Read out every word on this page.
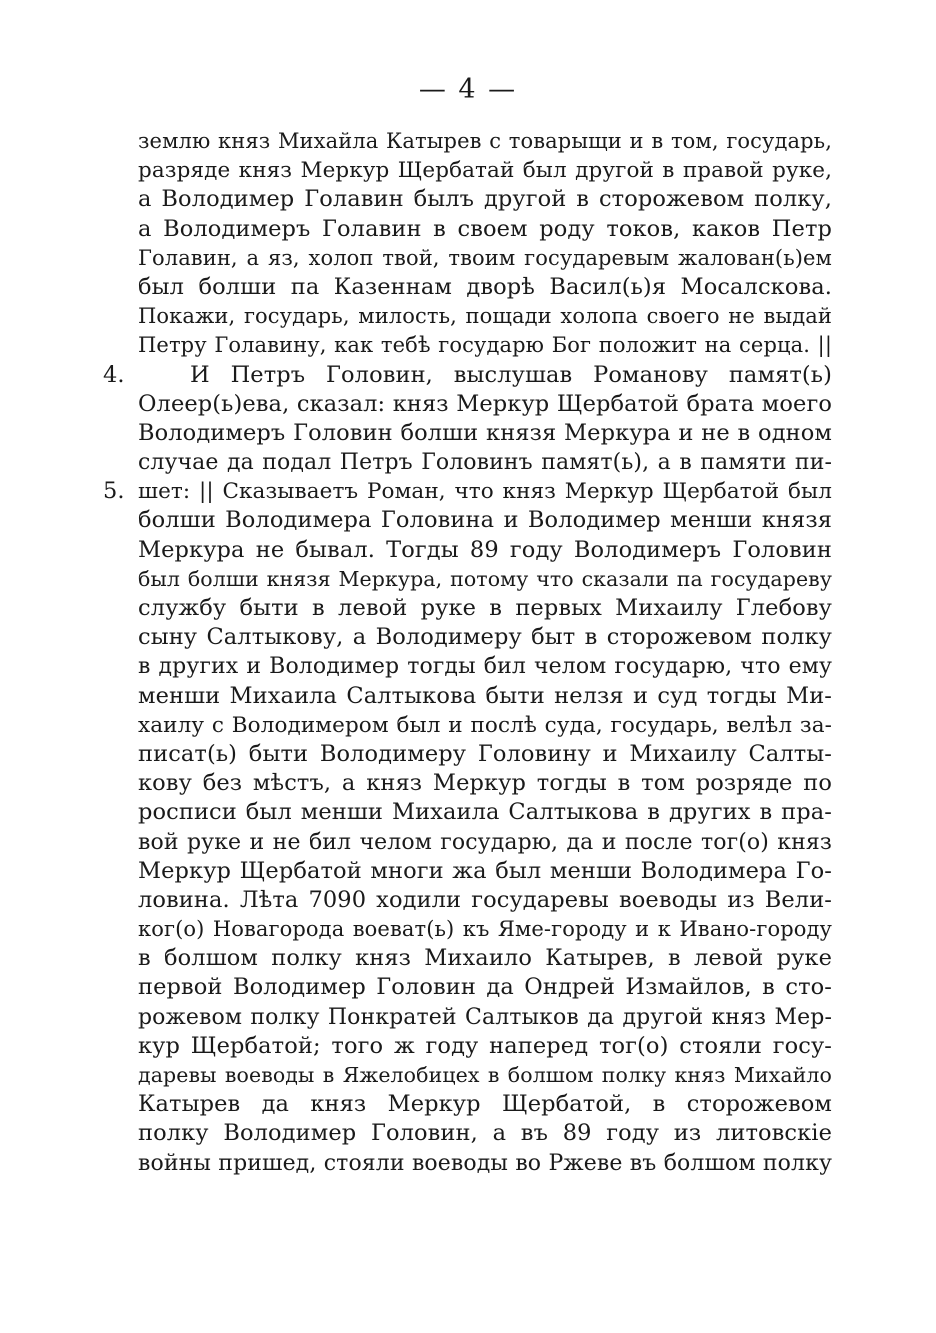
— 4 —
4.
5.
землю княз Михайла Катырев с товарыщи и в том, государь,
разряде княз Меркур Щербатай был другой в правой руке,
а Володимер Голавин былъ другой в сторожевом полку,
а Володимеръ Голавин в своем роду токов, каков Петр
Голавин, а яз, холоп твой, твоим государевым жалован(ь)ем
был болши па Казеннам дворѣ Васил(ь)я Мосалскова.
Покажи, государь, милость, пощади холопа своего не выдай
Петру Голавину, как тебѣ государю Бог положит на серца. ||
И Петръ Головин, выслушав Романову памят(ь)
Олеер(ь)ева, сказал: княз Меркур Щербатой брата моего
Володимеръ Головин болши князя Меркура и не в одном
случае да подал Петръ Головинъ памят(ь), а в памяти пи-
шет: || Сказываетъ Роман, что княз Меркур Щербатой был
болши Володимера Головина и Володимер менши князя
Меркура не бывал. Тогды 89 году Володимеръ Головин
был болши князя Меркура, потому что сказали па государеву
службу быти в левой руке в первых Михаилу Глебову
сыну Салтыкову, а Володимеру быт в сторожевом полку
в других и Володимер тогды бил челом государю, что ему
менши Михаила Салтыкова быти нелзя и суд тогды Ми-
хаилу с Володимером был и послѣ суда, государь, велѣл за-
писат(ь) быти Володимеру Головину и Михаилу Салты-
кову без мѣстъ, а княз Меркур тогды в том розряде по
росписи был менши Михаила Салтыкова в других в пра-
вой руке и не бил челом государю, да и после тог(о) княз
Меркур Щербатой многи жа был менши Володимера Го-
ловина. Лѣта 7090 ходили государевы воеводы из Вели-
ког(о) Новагорода воеват(ь) къ Яме-городу и к Иванo-городу
в болшом полку княз Михаило Катырев, в левой руке
первой Володимер Головин да Ондрей Измайлов, в сто-
рожевом полку Понкратей Салтыков да другой княз Мер-
кур Щербатой; того ж году наперед тог(о) стояли госу-
даревы воеводы в Яжелобицех в болшом полку княз Михайло
Катырев да княз Меркур Щербатой, в сторожевом
полку Володимер Головин, а въ 89 году из литовскіе
войны пришед, стояли воеводы во Ржеве въ болшом полку
